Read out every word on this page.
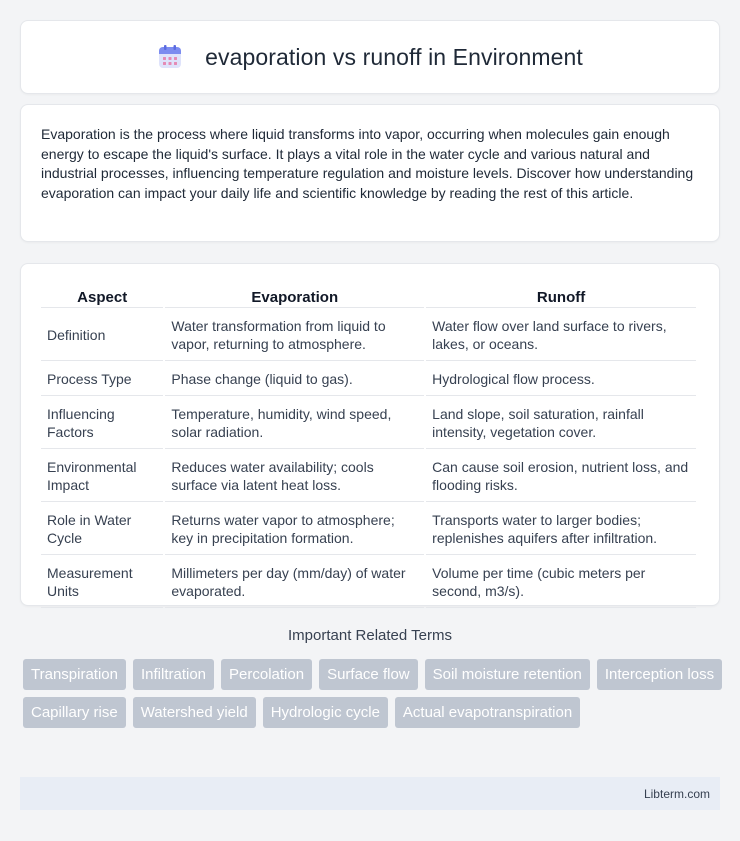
evaporation vs runoff in Environment

Evaporation is the process where liquid transforms into vapor, occurring when molecules gain enough energy to escape the liquid's surface. It plays a vital role in the water cycle and various natural and industrial processes, influencing temperature regulation and moisture levels. Discover how understanding evaporation can impact your daily life and scientific knowledge by reading the rest of this article.

Aspect	Evaporation	Runoff
Definition	Water transformation from liquid to vapor, returning to atmosphere.	Water flow over land surface to rivers, lakes, or oceans.
Process Type	Phase change (liquid to gas).	Hydrological flow process.
Influencing Factors	Temperature, humidity, wind speed, solar radiation.	Land slope, soil saturation, rainfall intensity, vegetation cover.
Environmental Impact	Reduces water availability; cools surface via latent heat loss.	Can cause soil erosion, nutrient loss, and flooding risks.
Role in Water Cycle	Returns water vapor to atmosphere; key in precipitation formation.	Transports water to larger bodies; replenishes aquifers after infiltration.
Measurement Units	Millimeters per day (mm/day) of water evaporated.	Volume per time (cubic meters per second, m3/s).
Important Related Terms
Transpiration	Infiltration	Percolation	Surface flow	Soil moisture retention	Interception loss
Capillary rise	Watershed yield	Hydrologic cycle	Actual evapotranspiration
Libterm.com
